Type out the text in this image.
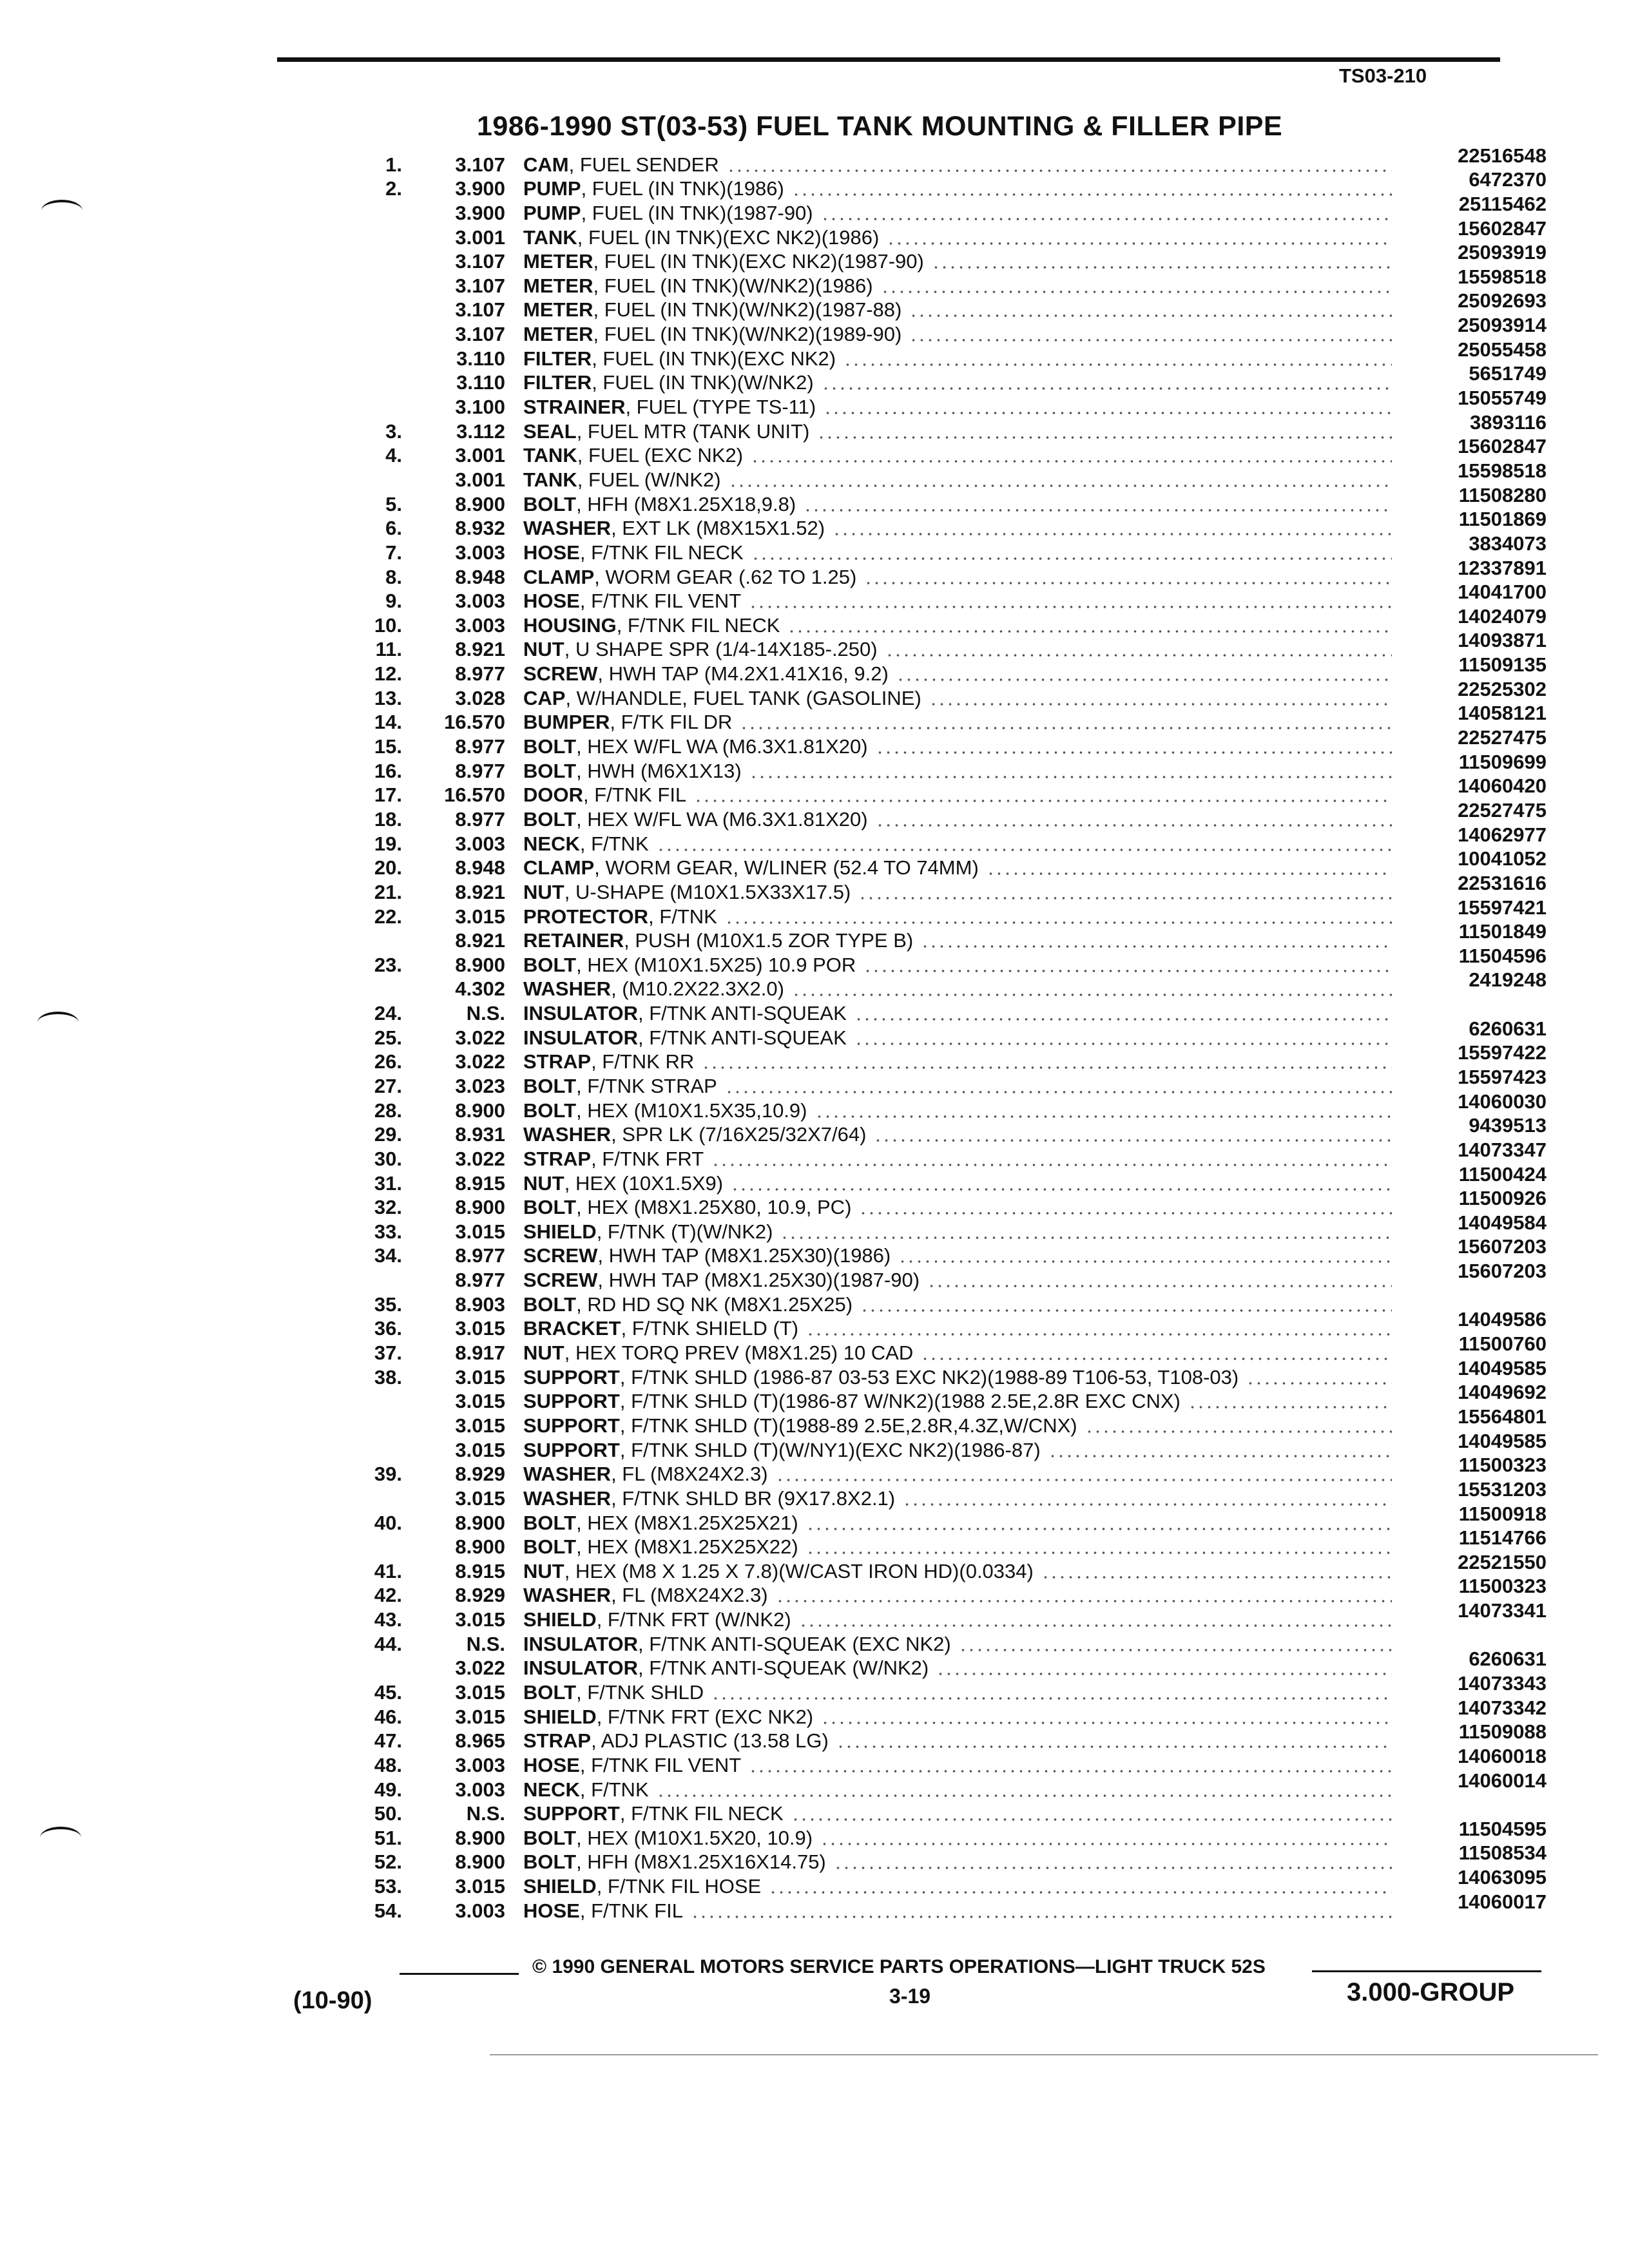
TS03-210
1986-1990 ST(03-53) FUEL TANK MOUNTING & FILLER PIPE
1.	3.107 CAM, FUEL SENDER	22516548
2.	3.900 PUMP, FUEL (IN TNK)(1986)	6472370
3.900 PUMP, FUEL (IN TNK)(1987-90)	25115462
3.001 TANK, FUEL (IN TNK)(EXC NK2)(1986)	15602847
3.107 METER, FUEL (IN TNK)(EXC NK2)(1987-90)	25093919
3.107 METER, FUEL (IN TNK)(W/NK2)(1986)	15598518
3.107 METER, FUEL (IN TNK)(W/NK2)(1987-88)	25092693
3.107 METER, FUEL (IN TNK)(W/NK2)(1989-90)	25093914
3.110 FILTER, FUEL (IN TNK)(EXC NK2)	25055458
3.110 FILTER, FUEL (IN TNK)(W/NK2)	5651749
3.100 STRAINER, FUEL (TYPE TS-11)	15055749
3.	3.112 SEAL, FUEL MTR (TANK UNIT)	3893116
4.	3.001 TANK, FUEL (EXC NK2)	15602847
3.001 TANK, FUEL (W/NK2)	15598518
5.	8.900 BOLT, HFH (M8X1.25X18,9.8)	11508280
6.	8.932 WASHER, EXT LK (M8X15X1.52)	11501869
7.	3.003 HOSE, F/TNK FIL NECK	3834073
8.	8.948 CLAMP, WORM GEAR (.62 TO 1.25)	12337891
9.	3.003 HOSE, F/TNK FIL VENT	14041700
10.	3.003 HOUSING, F/TNK FIL NECK	14024079
11.	8.921 NUT, U SHAPE SPR (1/4-14X185-.250)	14093871
12.	8.977 SCREW, HWH TAP (M4.2X1.41X16, 9.2)	11509135
13.	3.028 CAP, W/HANDLE, FUEL TANK (GASOLINE)	22525302
14.	16.570 BUMPER, F/TK FIL DR	14058121
15.	8.977 BOLT, HEX W/FL WA (M6.3X1.81X20)	22527475
16.	8.977 BOLT, HWH (M6X1X13)	11509699
17.	16.570 DOOR, F/TNK FIL	14060420
18.	8.977 BOLT, HEX W/FL WA (M6.3X1.81X20)	22527475
19.	3.003 NECK, F/TNK	14062977
20.	8.948 CLAMP, WORM GEAR, W/LINER (52.4 TO 74MM)	10041052
21.	8.921 NUT, U-SHAPE (M10X1.5X33X17.5)	22531616
22.	3.015 PROTECTOR, F/TNK	15597421
8.921 RETAINER, PUSH (M10X1.5 ZOR TYPE B)	11501849
23.	8.900 BOLT, HEX (M10X1.5X25) 10.9 POR	11504596
4.302 WASHER, (M10.2X22.3X2.0)	2419248
24.	N.S. INSULATOR, F/TNK ANTI-SQUEAK
25.	3.022 INSULATOR, F/TNK ANTI-SQUEAK	6260631
26.	3.022 STRAP, F/TNK RR	15597422
27.	3.023 BOLT, F/TNK STRAP	15597423
28.	8.900 BOLT, HEX (M10X1.5X35,10.9)	14060030
29.	8.931 WASHER, SPR LK (7/16X25/32X7/64)	9439513
30.	3.022 STRAP, F/TNK FRT	14073347
31.	8.915 NUT, HEX (10X1.5X9)	11500424
32.	8.900 BOLT, HEX (M8X1.25X80, 10.9, PC)	11500926
33.	3.015 SHIELD, F/TNK (T)(W/NK2)	14049584
34.	8.977 SCREW, HWH TAP (M8X1.25X30)(1986)	15607203
8.977 SCREW, HWH TAP (M8X1.25X30)(1987-90)	15607203
35.	8.903 BOLT, RD HD SQ NK (M8X1.25X25)
36.	3.015 BRACKET, F/TNK SHIELD (T)	14049586
37.	8.917 NUT, HEX TORQ PREV (M8X1.25) 10 CAD	11500760
38.	3.015 SUPPORT, F/TNK SHLD (1986-87 03-53 EXC NK2)(1988-89 T106-53, T108-03)	14049585
3.015 SUPPORT, F/TNK SHLD (T)(1986-87 W/NK2)(1988 2.5E,2.8R EXC CNX)	14049692
3.015 SUPPORT, F/TNK SHLD (T)(1988-89 2.5E,2.8R,4.3Z,W/CNX)	15564801
3.015 SUPPORT, F/TNK SHLD (T)(W/NY1)(EXC NK2)(1986-87)	14049585
39.	8.929 WASHER, FL (M8X24X2.3)	11500323
3.015 WASHER, F/TNK SHLD BR (9X17.8X2.1)	15531203
40.	8.900 BOLT, HEX (M8X1.25X25X21)	11500918
8.900 BOLT, HEX (M8X1.25X25X22)	11514766
41.	8.915 NUT, HEX (M8 X 1.25 X 7.8)(W/CAST IRON HD)(0.0334)	22521550
42.	8.929 WASHER, FL (M8X24X2.3)	11500323
43.	3.015 SHIELD, F/TNK FRT (W/NK2)	14073341
44.	N.S. INSULATOR, F/TNK ANTI-SQUEAK (EXC NK2)
3.022 INSULATOR, F/TNK ANTI-SQUEAK (W/NK2)	6260631
45.	3.015 BOLT, F/TNK SHLD	14073343
46.	3.015 SHIELD, F/TNK FRT (EXC NK2)	14073342
47.	8.965 STRAP, ADJ PLASTIC (13.58 LG)	11509088
48.	3.003 HOSE, F/TNK FIL VENT	14060018
49.	3.003 NECK, F/TNK	14060014
50.	N.S. SUPPORT, F/TNK FIL NECK
51.	8.900 BOLT, HEX (M10X1.5X20, 10.9)	11504595
52.	8.900 BOLT, HFH (M8X1.25X16X14.75)	11508534
53.	3.015 SHIELD, F/TNK FIL HOSE	14063095
54.	3.003 HOSE, F/TNK FIL	14060017
© 1990 GENERAL MOTORS SERVICE PARTS OPERATIONS—LIGHT TRUCK 52S
(10-90)	3-19	3.000-GROUP
